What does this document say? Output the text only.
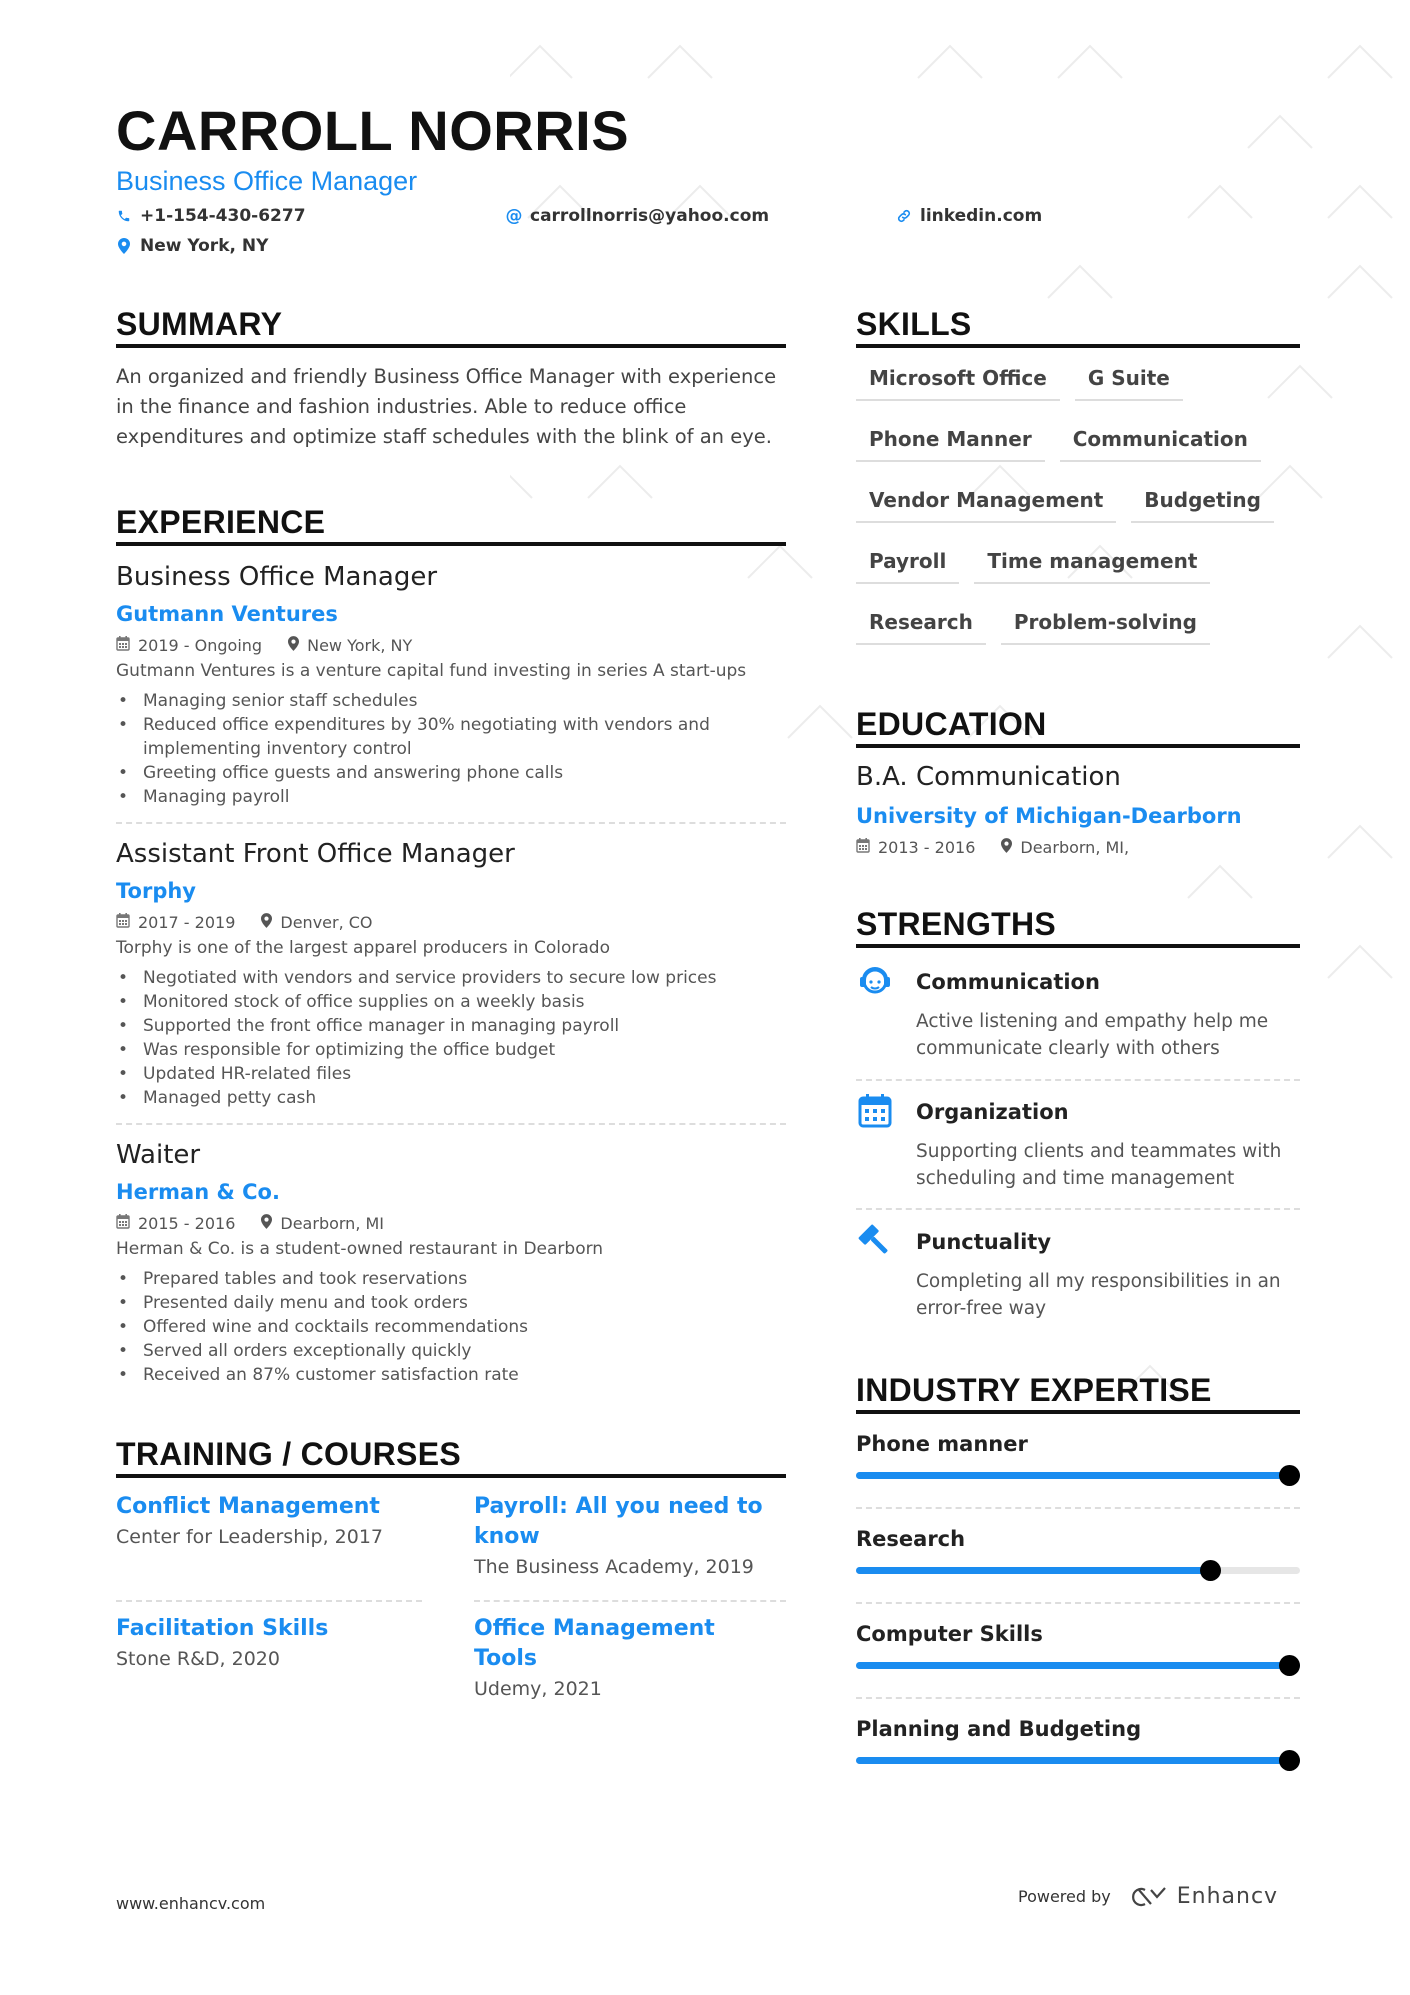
CARROLL NORRIS
Business Office Manager
+1-154-430-6277	@ carrollnorris@yahoo.com	linkedin.com
New York, NY
SUMMARY
An organized and friendly Business Office Manager with experience in the finance and fashion industries. Able to reduce office expenditures and optimize staff schedules with the blink of an eye.
EXPERIENCE
Business Office Manager
Gutmann Ventures
2019 - Ongoing	New York, NY
Gutmann Ventures is a venture capital fund investing in series A start-ups
• Managing senior staff schedules
• Reduced office expenditures by 30% negotiating with vendors and implementing inventory control
• Greeting office guests and answering phone calls
• Managing payroll
Assistant Front Office Manager
Torphy
2017 - 2019	Denver, CO
Torphy is one of the largest apparel producers in Colorado
• Negotiated with vendors and service providers to secure low prices
• Monitored stock of office supplies on a weekly basis
• Supported the front office manager in managing payroll
• Was responsible for optimizing the office budget
• Updated HR-related files
• Managed petty cash
Waiter
Herman & Co.
2015 - 2016	Dearborn, MI
Herman & Co. is a student-owned restaurant in Dearborn
• Prepared tables and took reservations
• Presented daily menu and took orders
• Offered wine and cocktails recommendations
• Served all orders exceptionally quickly
• Received an 87% customer satisfaction rate
TRAINING / COURSES
Conflict Management
Center for Leadership, 2017
Payroll: All you need to know
The Business Academy, 2019
Facilitation Skills
Stone R&D, 2020
Office Management Tools
Udemy, 2021
SKILLS
Microsoft Office	G Suite
Phone Manner	Communication
Vendor Management	Budgeting
Payroll	Time management
Research	Problem-solving
EDUCATION
B.A. Communication
University of Michigan-Dearborn
2013 - 2016	Dearborn, MI,
STRENGTHS
Communication
Active listening and empathy help me communicate clearly with others
Organization
Supporting clients and teammates with scheduling and time management
Punctuality
Completing all my responsibilities in an error-free way
INDUSTRY EXPERTISE
Phone manner
Research
Computer Skills
Planning and Budgeting
www.enhancv.com	Powered by	Enhancv
